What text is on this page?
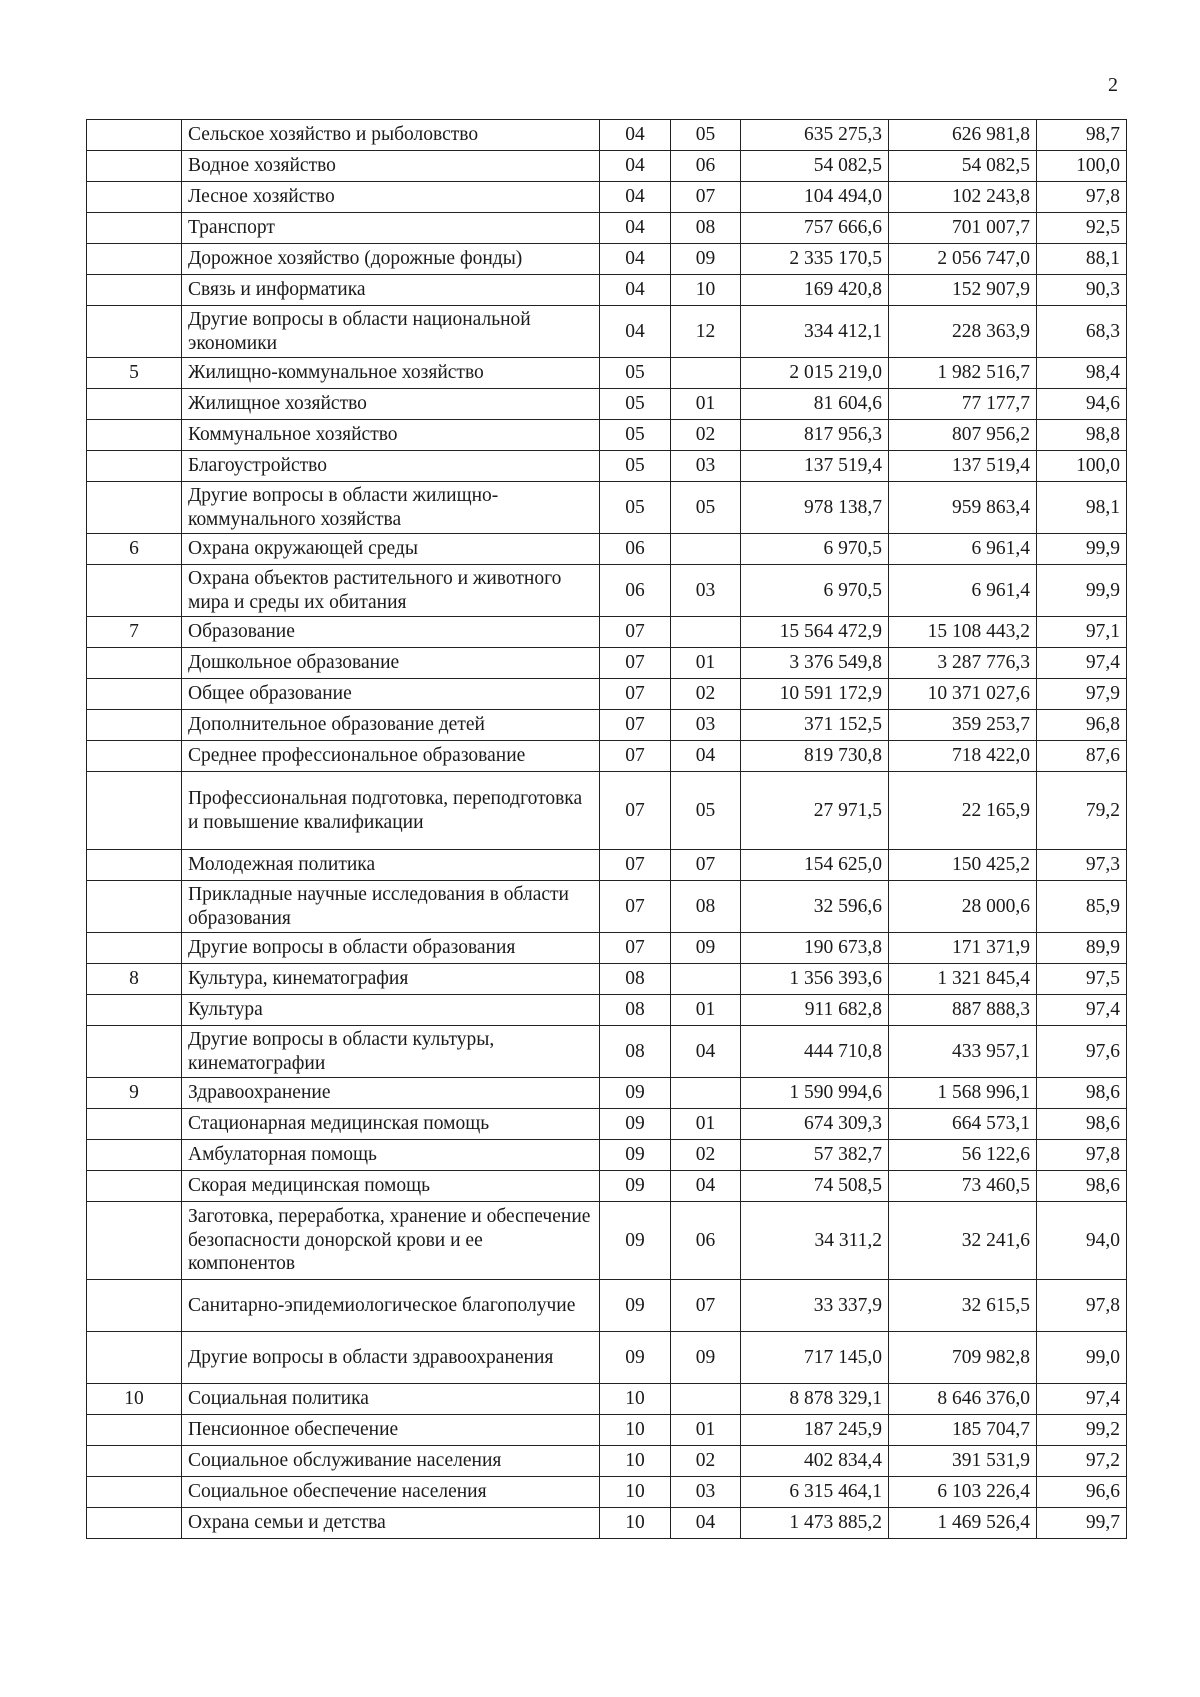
2
	Сельское хозяйство и рыболовство	04	05	635 275,3	626 981,8	98,7
	Водное хозяйство	04	06	54 082,5	54 082,5	100,0
	Лесное хозяйство	04	07	104 494,0	102 243,8	97,8
	Транспорт	04	08	757 666,6	701 007,7	92,5
	Дорожное хозяйство (дорожные фонды)	04	09	2 335 170,5	2 056 747,0	88,1
	Связь и информатика	04	10	169 420,8	152 907,9	90,3
	Другие вопросы в области национальной экономики	04	12	334 412,1	228 363,9	68,3
5	Жилищно-коммунальное хозяйство	05		2 015 219,0	1 982 516,7	98,4
	Жилищное хозяйство	05	01	81 604,6	77 177,7	94,6
	Коммунальное хозяйство	05	02	817 956,3	807 956,2	98,8
	Благоустройство	05	03	137 519,4	137 519,4	100,0
	Другие вопросы в области жилищно-коммунального хозяйства	05	05	978 138,7	959 863,4	98,1
6	Охрана окружающей среды	06		6 970,5	6 961,4	99,9
	Охрана объектов растительного и животного мира и среды их обитания	06	03	6 970,5	6 961,4	99,9
7	Образование	07		15 564 472,9	15 108 443,2	97,1
	Дошкольное образование	07	01	3 376 549,8	3 287 776,3	97,4
	Общее образование	07	02	10 591 172,9	10 371 027,6	97,9
	Дополнительное образование детей	07	03	371 152,5	359 253,7	96,8
	Среднее профессиональное образование	07	04	819 730,8	718 422,0	87,6
	Профессиональная подготовка, переподготовка и повышение квалификации	07	05	27 971,5	22 165,9	79,2
	Молодежная политика	07	07	154 625,0	150 425,2	97,3
	Прикладные научные исследования в области образования	07	08	32 596,6	28 000,6	85,9
	Другие вопросы в области образования	07	09	190 673,8	171 371,9	89,9
8	Культура, кинематография	08		1 356 393,6	1 321 845,4	97,5
	Культура	08	01	911 682,8	887 888,3	97,4
	Другие вопросы в области культуры, кинематографии	08	04	444 710,8	433 957,1	97,6
9	Здравоохранение	09		1 590 994,6	1 568 996,1	98,6
	Стационарная медицинская помощь	09	01	674 309,3	664 573,1	98,6
	Амбулаторная помощь	09	02	57 382,7	56 122,6	97,8
	Скорая медицинская помощь	09	04	74 508,5	73 460,5	98,6
	Заготовка, переработка, хранение и обеспечение безопасности донорской крови и ее компонентов	09	06	34 311,2	32 241,6	94,0
	Санитарно-эпидемиологическое благополучие	09	07	33 337,9	32 615,5	97,8
	Другие вопросы в области здравоохранения	09	09	717 145,0	709 982,8	99,0
10	Социальная политика	10		8 878 329,1	8 646 376,0	97,4
	Пенсионное обеспечение	10	01	187 245,9	185 704,7	99,2
	Социальное обслуживание населения	10	02	402 834,4	391 531,9	97,2
	Социальное обеспечение населения	10	03	6 315 464,1	6 103 226,4	96,6
	Охрана семьи и детства	10	04	1 473 885,2	1 469 526,4	99,7
